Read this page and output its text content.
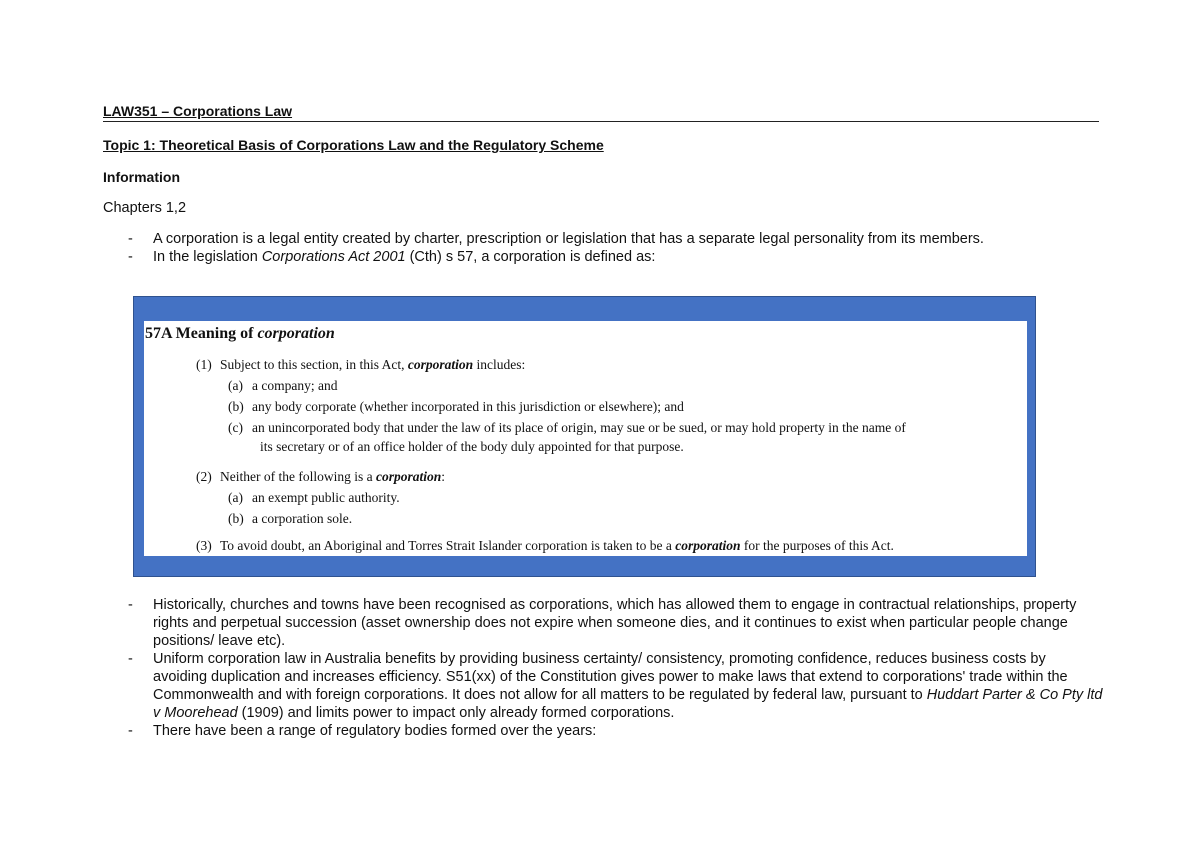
LAW351 – Corporations Law
Topic 1: Theoretical Basis of Corporations Law and the Regulatory Scheme
Information
Chapters 1,2
- A corporation is a legal entity created by charter, prescription or legislation that has a separate legal personality from its members.
- In the legislation Corporations Act 2001 (Cth) s 57, a corporation is defined as:
57A Meaning of corporation
(1) Subject to this section, in this Act, corporation includes:
(a) a company; and
(b) any body corporate (whether incorporated in this jurisdiction or elsewhere); and
(c) an unincorporated body that under the law of its place of origin, may sue or be sued, or may hold property in the name of
its secretary or of an office holder of the body duly appointed for that purpose.
(2) Neither of the following is a corporation:
(a) an exempt public authority.
(b) a corporation sole.
(3) To avoid doubt, an Aboriginal and Torres Strait Islander corporation is taken to be a corporation for the purposes of this Act.
- Historically, churches and towns have been recognised as corporations, which has allowed them to engage in contractual relationships, property rights and perpetual succession (asset ownership does not expire when someone dies, and it continues to exist when particular people change positions/ leave etc).
- Uniform corporation law in Australia benefits by providing business certainty/ consistency, promoting confidence, reduces business costs by avoiding duplication and increases efficiency. S51(xx) of the Constitution gives power to make laws that extend to corporations' trade within the Commonwealth and with foreign corporations. It does not allow for all matters to be regulated by federal law, pursuant to Huddart Parter & Co Pty ltd v Moorehead (1909) and limits power to impact only already formed corporations.
- There have been a range of regulatory bodies formed over the years:
